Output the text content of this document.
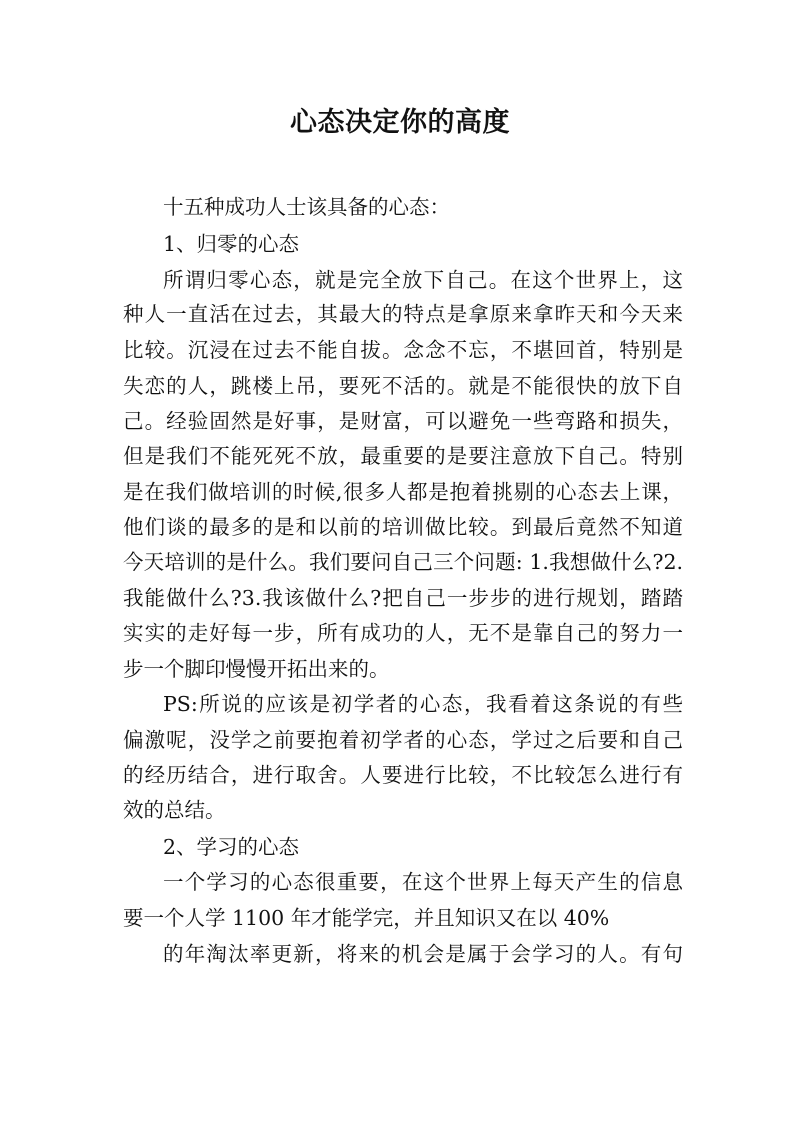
心态决定你的高度
十五种成功人士该具备的心态：
1、归零的心态
所谓归零心态，就是完全放下自己。在这个世界上，这
种人一直活在过去，其最大的特点是拿原来拿昨天和今天来
比较。沉浸在过去不能自拔。念念不忘，不堪回首，特别是
失恋的人，跳楼上吊，要死不活的。就是不能很快的放下自
己。经验固然是好事，是财富，可以避免一些弯路和损失，
但是我们不能死死不放，最重要的是要注意放下自己。特别
是在我们做培训的时候,很多人都是抱着挑剔的心态去上课，
他们谈的最多的是和以前的培训做比较。到最后竟然不知道
今天培训的是什么。我们要问自己三个问题: 1.我想做什么?2.
我能做什么?3.我该做什么?把自己一步步的进行规划，踏踏
实实的走好每一步，所有成功的人，无不是靠自己的努力一
步一个脚印慢慢开拓出来的。
PS:所说的应该是初学者的心态，我看着这条说的有些
偏激呢，没学之前要抱着初学者的心态，学过之后要和自己
的经历结合，进行取舍。人要进行比较，不比较怎么进行有
效的总结。
2、学习的心态
一个学习的心态很重要，在这个世界上每天产生的信息
要一个人学 1100 年才能学完，并且知识又在以 40%
的年淘汰率更新，将来的机会是属于会学习的人。有句
